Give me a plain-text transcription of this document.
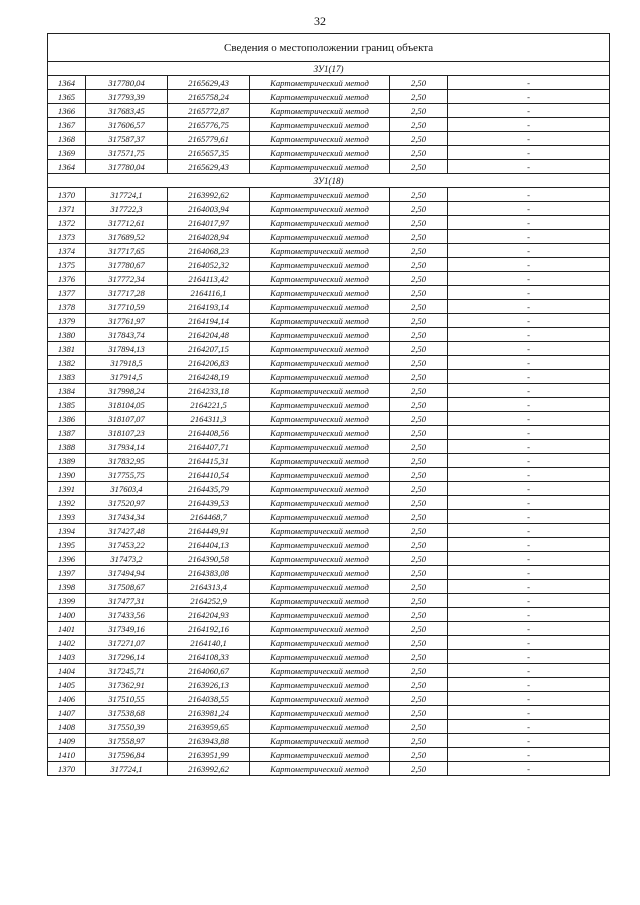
32
Сведения о местоположении границ объекта					
ЗУ1(17)					
1364	317780,04	2165629,43	Картометрический метод	2,50	-
1365	317793,39	2165758,24	Картометрический метод	2,50	-
1366	317683,45	2165772,87	Картометрический метод	2,50	-
1367	317606,57	2165776,75	Картометрический метод	2,50	-
1368	317587,37	2165779,61	Картометрический метод	2,50	-
1369	317571,75	2165657,35	Картометрический метод	2,50	-
1364	317780,04	2165629,43	Картометрический метод	2,50	-
ЗУ1(18)					
1370	317724,1	2163992,62	Картометрический метод	2,50	-
1371	317722,3	2164003,94	Картометрический метод	2,50	-
1372	317712,61	2164017,97	Картометрический метод	2,50	-
1373	317689,52	2164028,94	Картометрический метод	2,50	-
1374	317717,65	2164068,23	Картометрический метод	2,50	-
1375	317780,67	2164052,32	Картометрический метод	2,50	-
1376	317772,34	2164113,42	Картометрический метод	2,50	-
1377	317717,28	2164116,1	Картометрический метод	2,50	-
1378	317710,59	2164193,14	Картометрический метод	2,50	-
1379	317761,97	2164194,14	Картометрический метод	2,50	-
1380	317843,74	2164204,48	Картометрический метод	2,50	-
1381	317894,13	2164207,15	Картометрический метод	2,50	-
1382	317918,5	2164206,83	Картометрический метод	2,50	-
1383	317914,5	2164248,19	Картометрический метод	2,50	-
1384	317998,24	2164233,18	Картометрический метод	2,50	-
1385	318104,05	2164221,5	Картометрический метод	2,50	-
1386	318107,07	2164311,3	Картометрический метод	2,50	-
1387	318107,23	2164408,56	Картометрический метод	2,50	-
1388	317934,14	2164407,71	Картометрический метод	2,50	-
1389	317832,95	2164415,31	Картометрический метод	2,50	-
1390	317755,75	2164410,54	Картометрический метод	2,50	-
1391	317603,4	2164435,79	Картометрический метод	2,50	-
1392	317520,97	2164439,53	Картометрический метод	2,50	-
1393	317434,34	2164468,7	Картометрический метод	2,50	-
1394	317427,48	2164449,91	Картометрический метод	2,50	-
1395	317453,22	2164404,13	Картометрический метод	2,50	-
1396	317473,2	2164390,58	Картометрический метод	2,50	-
1397	317494,94	2164383,08	Картометрический метод	2,50	-
1398	317508,67	2164313,4	Картометрический метод	2,50	-
1399	317477,31	2164252,9	Картометрический метод	2,50	-
1400	317433,56	2164204,93	Картометрический метод	2,50	-
1401	317349,16	2164192,16	Картометрический метод	2,50	-
1402	317271,07	2164140,1	Картометрический метод	2,50	-
1403	317296,14	2164108,33	Картометрический метод	2,50	-
1404	317245,71	2164060,67	Картометрический метод	2,50	-
1405	317362,91	2163926,13	Картометрический метод	2,50	-
1406	317510,55	2164038,55	Картометрический метод	2,50	-
1407	317538,68	2163981,24	Картометрический метод	2,50	-
1408	317550,39	2163959,65	Картометрический метод	2,50	-
1409	317558,97	2163943,88	Картометрический метод	2,50	-
1410	317596,84	2163951,99	Картометрический метод	2,50	-
1370	317724,1	2163992,62	Картометрический метод	2,50	-
